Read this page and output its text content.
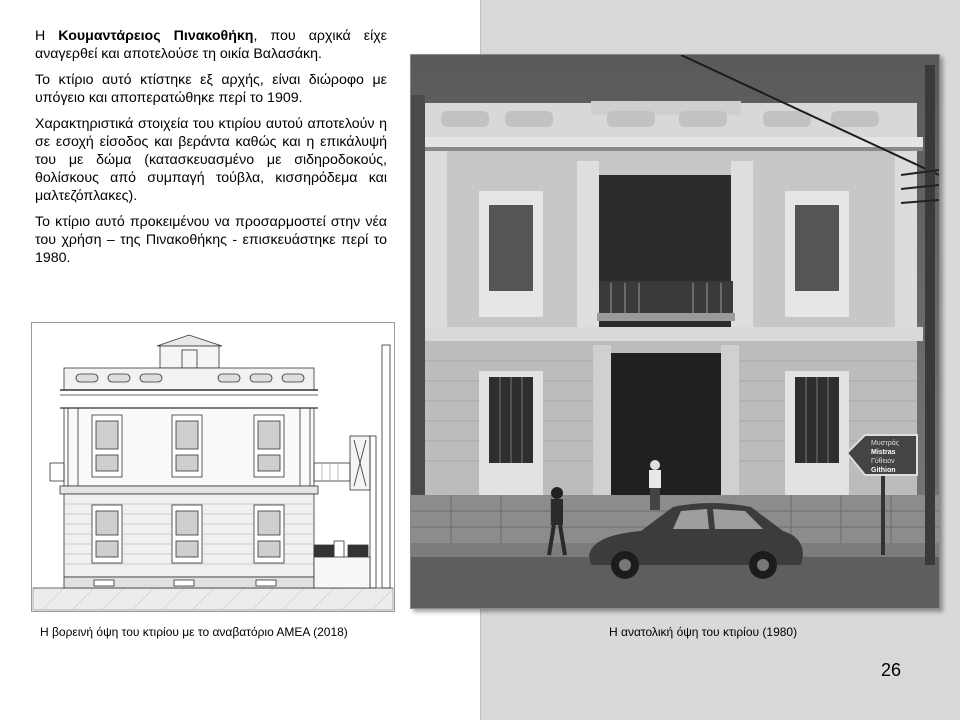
Η Κουμαντάρειος Πινακοθήκη, που αρχικά είχε αναγερθεί και αποτελούσε τη οικία Βαλασάκη.

Το κτίριο αυτό κτίστηκε εξ αρχής, είναι διώροφο με υπόγειο και αποπερατώθηκε περί το 1909.

Χαρακτηριστικά στοιχεία του κτιρίου αυτού αποτελούν η σε εσοχή είσοδος και βεράντα καθώς και η επικάλυψή του με δώμα (κατασκευασμένο με σιδηροδοκούς, θολίσκους από συμπαγή τούβλα, κισσηρόδεμα και μαλτεζόπλακες).

Το κτίριο αυτό προκειμένου να προσαρμοστεί στην νέα του χρήση – της Πινακοθήκης - επισκευάστηκε περί το 1980.

Μυστράς
Mistras
Γύθειον
Githion
Η βορεινή όψη του κτιρίου με το αναβατόριο ΑΜΕΑ (2018)	Η ανατολική όψη του κτιρίου (1980)
26
